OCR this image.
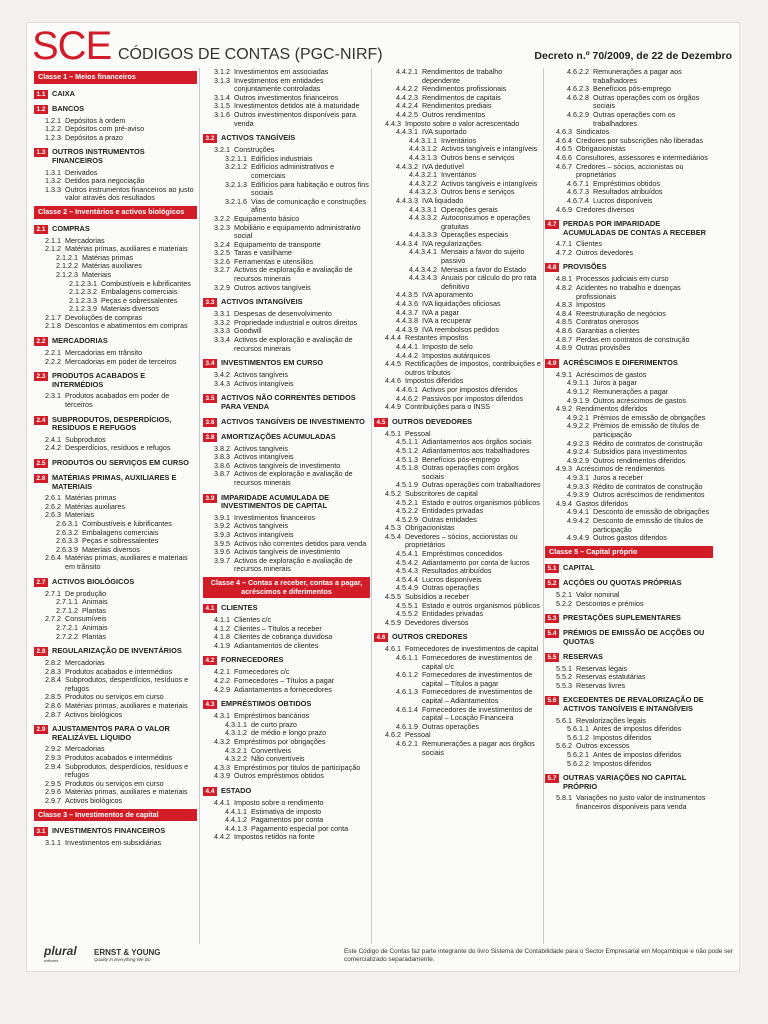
SCE CÓDIGOS DE CONTAS (PGC-NIRF)	Decreto n.º 70/2009, de 22 de Dezembro
Classe 1 – Meios financeiros
1.1 CAIXA
1.2 BANCOS
1.2.1 Depósitos à ordem
1.2.2 Depósitos com pré-aviso
1.2.3 Depósitos a prazo
1.3 OUTROS INSTRUMENTOS FINANCEIROS
1.3.1 Derivados
1.3.2 Detidos para negociação
1.3.3 Outros instrumentos financeiros ao justo valor através dos resultados
Classe 2 – Inventários e activos biológicos
2.1 COMPRAS
2.1.1 Mercadorias
2.1.2 Matérias primas, auxiliares e materiais
2.1.2.1 Matérias primas
2.1.2.2 Matérias auxiliares
2.1.2.3 Materiais
2.1.2.3.1 Combustíveis e lubrificantes
2.1.2.3.2 Embalagens comerciais
2.1.2.3.3 Peças e sobressalentes
2.1.2.3.9 Materiais diversos
2.1.7 Devoluções de compras
2.1.8 Descontos e abatimentos em compras
2.2 MERCADORIAS
2.2.1 Mercadorias em trânsito
2.2.2 Mercadorias em poder de terceiros
2.3 PRODUTOS ACABADOS E INTERMÉDIOS
2.3.1 Produtos acabados em poder de terceiros
2.4 SUBPRODUTOS, DESPERDÍCIOS, RESÍDUOS E REFUGOS
2.4.1 Subprodutos
2.4.2 Desperdícios, resíduos e refugos
2.5 PRODUTOS OU SERVIÇOS EM CURSO
2.6 MATÉRIAS PRIMAS, AUXILIARES E MATERIAIS
2.6.1 Matérias primas
2.6.2 Matérias auxiliares
2.6.3 Materiais
2.6.3.1 Combustíveis e lubrificantes
2.6.3.2 Embalagens comerciais
2.6.3.3 Peças e sobressalentes
2.6.3.9 Materiais diversos
2.6.4 Matérias primas, auxiliares e materiais em trânsito
2.7 ACTIVOS BIOLÓGICOS
2.7.1 De produção
2.7.1.1 Animais
2.7.1.2 Plantas
2.7.2 Consumíveis
2.7.2.1 Animais
2.7.2.2 Plantas
2.8 REGULARIZAÇÃO DE INVENTÁRIOS
2.8.2 Mercadorias
2.8.3 Produtos acabados e intermédios
2.8.4 Subprodutos, desperdícios, resíduos e refugos
2.8.5 Produtos ou serviços em curso
2.8.6 Matérias primas, auxiliares e materiais
2.8.7 Activos biológicos
2.9 AJUSTAMENTOS PARA O VALOR REALIZÁVEL LÍQUIDO
2.9.2 Mercadorias
2.9.3 Produtos acabados e intermédios
2.9.4 Subprodutos, desperdícios, resíduos e refugos
2.9.5 Produtos ou serviços em curso
2.9.6 Matérias primas, auxiliares e materiais
2.9.7 Activos biológicos
Classe 3 – Investimentos de capital
3.1 INVESTIMENTOS FINANCEIROS
3.1.1 Investimentos em subsidiárias
3.1.2 Investimentos em associadas
3.1.3 Investimentos em entidades conjuntamente controladas
3.1.4 Outros investimentos financeiros
3.1.5 Investimentos detidos até à maturidade
3.1.6 Outros investimentos disponíveis para venda
3.2 ACTIVOS TANGÍVEIS
3.2.1 Construções
3.2.1.1 Edifícios industriais
3.2.1.2 Edifícios administrativos e comerciais
3.2.1.3 Edifícios para habitação e outros fins sociais
3.2.1.6 Vias de comunicação e construções afins
3.2.2 Equipamento básico
3.2.3 Mobiliário e equipamento administrativo social
3.2.4 Equipamento de transporte
3.2.5 Taras e vasilhame
3.2.6 Ferramentas e utensílios
3.2.7 Activos de exploração e avaliação de recursos minerais
3.2.9 Outros activos tangíveis
3.3 ACTIVOS INTANGÍVEIS
3.3.1 Despesas de desenvolvimento
3.3.2 Propriedade industrial e outros direitos
3.3.3 Goodwill
3.3.4 Activos de exploração e avaliação de recursos minerais
3.4 INVESTIMENTOS EM CURSO
3.4.2 Activos tangíveis
3.4.3 Activos intangíveis
3.5 ACTIVOS NÃO CORRENTES DETIDOS PARA VENDA
3.6 ACTIVOS TANGÍVEIS DE INVESTIMENTO
3.8 AMORTIZAÇÕES ACUMULADAS
3.8.2 Activos tangíveis
3.8.3 Activos intangíveis
3.8.6 Activos tangíveis de investimento
3.8.7 Activos de exploração e avaliação de recursos minerais
3.9 IMPARIDADE ACUMULADA DE INVESTIMENTOS DE CAPITAL
3.9.1 Investimentos financeiros
3.9.2 Activos tangíveis
3.9.3 Activos intangíveis
3.9.5 Activos não correntes detidos para venda
3.9.6 Activos tangíveis de investimento
3.9.7 Activos de exploração e avaliação de recursos minerais
Classe 4 – Contas a receber, contas a pagar, acréscimos e diferimentos
4.1 CLIENTES
4.1.1 Clientes c/c
4.1.2 Clientes – Títulos a receber
4.1.8 Clientes de cobrança duvidosa
4.1.9 Adiantamentos de clientes
4.2 FORNECEDORES
4.2.1 Fornecedores c/c
4.2.2 Fornecedores – Títulos a pagar
4.2.9 Adiantamentos a fornecedores
4.3 EMPRÉSTIMOS OBTIDOS
4.3.1 Empréstimos bancários
4.3.1.1 de curto prazo
4.3.1.2 de médio e longo prazo
4.3.2 Empréstimos por obrigações
4.3.2.1 Convertíveis
4.3.2.2 Não convertíveis
4.3.3 Empréstimos por títulos de participação
4.3.9 Outros empréstimos obtidos
4.4 ESTADO
4.4.1 Imposto sobre o rendimento
4.4.1.1 Estimativa de imposto
4.4.1.2 Pagamentos por conta
4.4.1.3 Pagamento especial por conta
4.4.2 Impostos retidos na fonte
4.4.2.1 Rendimentos de trabalho dependente
4.4.2.2 Rendimentos profissionais
4.4.2.3 Rendimentos de capitais
4.4.2.4 Rendimentos prediais
4.4.2.5 Outros rendimentos
4.4.3 Imposto sobre o valor acrescentado
4.4.3.1 IVA suportado
4.4.3.1.1 Inventários
4.4.3.1.2 Activos tangíveis e intangíveis
4.4.3.1.3 Outros bens e serviços
4.4.3.2 IVA dedutível
4.4.3.2.1 Inventários
4.4.3.2.2 Activos tangíveis e intangíveis
4.4.3.2.3 Outros bens e serviços
4.4.3.3 IVA liquidado
4.4.3.3.1 Operações gerais
4.4.3.3.2 Autoconsumos e operações gratuitas
4.4.3.3.3 Operações especiais
4.4.3.4 IVA regularizações
4.4.3.4.1 Mensais a favor do sujeito passivo
4.4.3.4.2 Mensais a favor do Estado
4.4.3.4.3 Anuais por cálculo do pro rata definitivo
4.4.3.5 IVA apuramento
4.4.3.6 IVA liquidações oficiosas
4.4.3.7 IVA a pagar
4.4.3.8 IVA a recuperar
4.4.3.9 IVA reembolsos pedidos
4.4.4 Restantes impostos
4.4.4.1 Imposto de selo
4.4.4.2 Impostos autárquicos
4.4.5 Rectificações de impostos, contribuições e outros tributos
4.4.6 Impostos diferidos
4.4.6.1 Activos por impostos diferidos
4.4.6.2 Passivos por impostos diferidos
4.4.9 Contribuições para o INSS
4.5 OUTROS DEVEDORES
4.5.1 Pessoal
4.5.1.1 Adiantamentos aos órgãos sociais
4.5.1.2 Adiantamentos aos trabalhadores
4.5.1.3 Benefícios pós-emprego
4.5.1.8 Outras operações com órgãos sociais
4.5.1.9 Outras operações com trabalhadores
4.5.2 Subscritores de capital
4.5.2.1 Estado e outros organismos públicos
4.5.2.2 Entidades privadas
4.5.2.9 Outras entidades
4.5.3 Obrigacionistas
4.5.4 Devedores – sócios, accionistas ou proprietários
4.5.4.1 Empréstimos concedidos
4.5.4.2 Adiantamento por conta de lucros
4.5.4.3 Resultados atribuídos
4.5.4.4 Lucros disponíveis
4.5.4.9 Outras operações
4.5.5 Subsídios a receber
4.5.5.1 Estado e outros organismos públicos
4.5.5.2 Entidades privadas
4.5.9 Devedores diversos
4.6 OUTROS CREDORES
4.6.1 Fornecedores de investimentos de capital
4.6.1.1 Fornecedores de investimentos de capital c/c
4.6.1.2 Fornecedores de investimentos de capital – Títulos a pagar
4.6.1.3 Fornecedores de investimentos de capital – Adiantamentos
4.6.1.4 Fornecedores de investimentos de capital – Locação Financeira
4.6.1.9 Outras operações
4.6.2 Pessoal
4.6.2.1 Remunerações a pagar aos órgãos sociais
4.6.2.2 Remunerações a pagar aos trabalhadores
4.6.2.3 Benefícios pós-emprego
4.6.2.8 Outras operações com os órgãos sociais
4.6.2.9 Outras operações com os trabalhadores
4.6.3 Sindicatos
4.6.4 Credores por subscrições não liberadas
4.6.5 Obrigacionistas
4.6.6 Consultores, assessores e intermediários
4.6.7 Credores – sócios, accionistas ou proprietários
4.6.7.1 Empréstimos obtidos
4.6.7.3 Resultados atribuídos
4.6.7.4 Lucros disponíveis
4.6.9 Credores diversos
4.7 PERDAS POR IMPARIDADE ACUMULADAS DE CONTAS A RECEBER
4.7.1 Clientes
4.7.2 Outros devedores
4.8 PROVISÕES
4.8.1 Processos judiciais em curso
4.8.2 Acidentes no trabalho e doenças profissionais
4.8.3 Impostos
4.8.4 Reestruturação de negócios
4.8.5 Contratos onerosos
4.8.6 Garantias a clientes
4.8.7 Perdas em contratos de construção
4.8.9 Outras provisões
4.9 ACRÉSCIMOS E DIFERIMENTOS
4.9.1 Acréscimos de gastos
4.9.1.1 Juros a pagar
4.9.1.2 Remunerações a pagar
4.9.1.9 Outros acréscimos de gastos
4.9.2 Rendimentos diferidos
4.9.2.1 Prémios de emissão de obrigações
4.9.2.2 Prémios de emissão de títulos de participação
4.9.2.3 Rédito de contratos de construção
4.9.2.4 Subsídios para investimentos
4.9.2.9 Outros rendimentos diferidos
4.9.3 Acréscimos de rendimentos
4.9.3.1 Juros a receber
4.9.3.3 Rédito de contratos de construção
4.9.3.9 Outros acréscimos de rendimentos
4.9.4 Gastos diferidos
4.9.4.1 Desconto de emissão de obrigações
4.9.4.2 Desconto de emissão de títulos de participação
4.9.4.9 Outros gastos diferidos
Classe 5 – Capital próprio
5.1 CAPITAL
5.2 ACÇÕES OU QUOTAS PRÓPRIAS
5.2.1 Valor nominal
5.2.2 Descontos e prémios
5.3 PRESTAÇÕES SUPLEMENTARES
5.4 PRÉMIOS DE EMISSÃO DE ACÇÕES OU QUOTAS
5.5 RESERVAS
5.5.1 Reservas legais
5.5.2 Reservas estatutárias
5.5.3 Reservas livres
5.6 EXCEDENTES DE REVALORIZAÇÃO DE ACTIVOS TANGÍVEIS E INTANGÍVEIS
5.6.1 Revalorizações legais
5.6.1.1 Antes de impostos diferidos
5.6.1.2 Impostos diferidos
5.6.2 Outros excessos
5.6.2.1 Antes de impostos diferidos
5.6.2.2 Impostos diferidos
5.7 OUTRAS VARIAÇÕES NO CAPITAL PRÓPRIO
5.8.1 Variações no justo valor de instrumentos financeiros disponíveis para venda
plural
editores
ERNST & YOUNG
Quality In Everything We Do
Este Código de Contas faz parte integrante do livro Sistema de Contabilidade para o Sector Empresarial em Moçambique e não pode ser comercializado separadamente.
